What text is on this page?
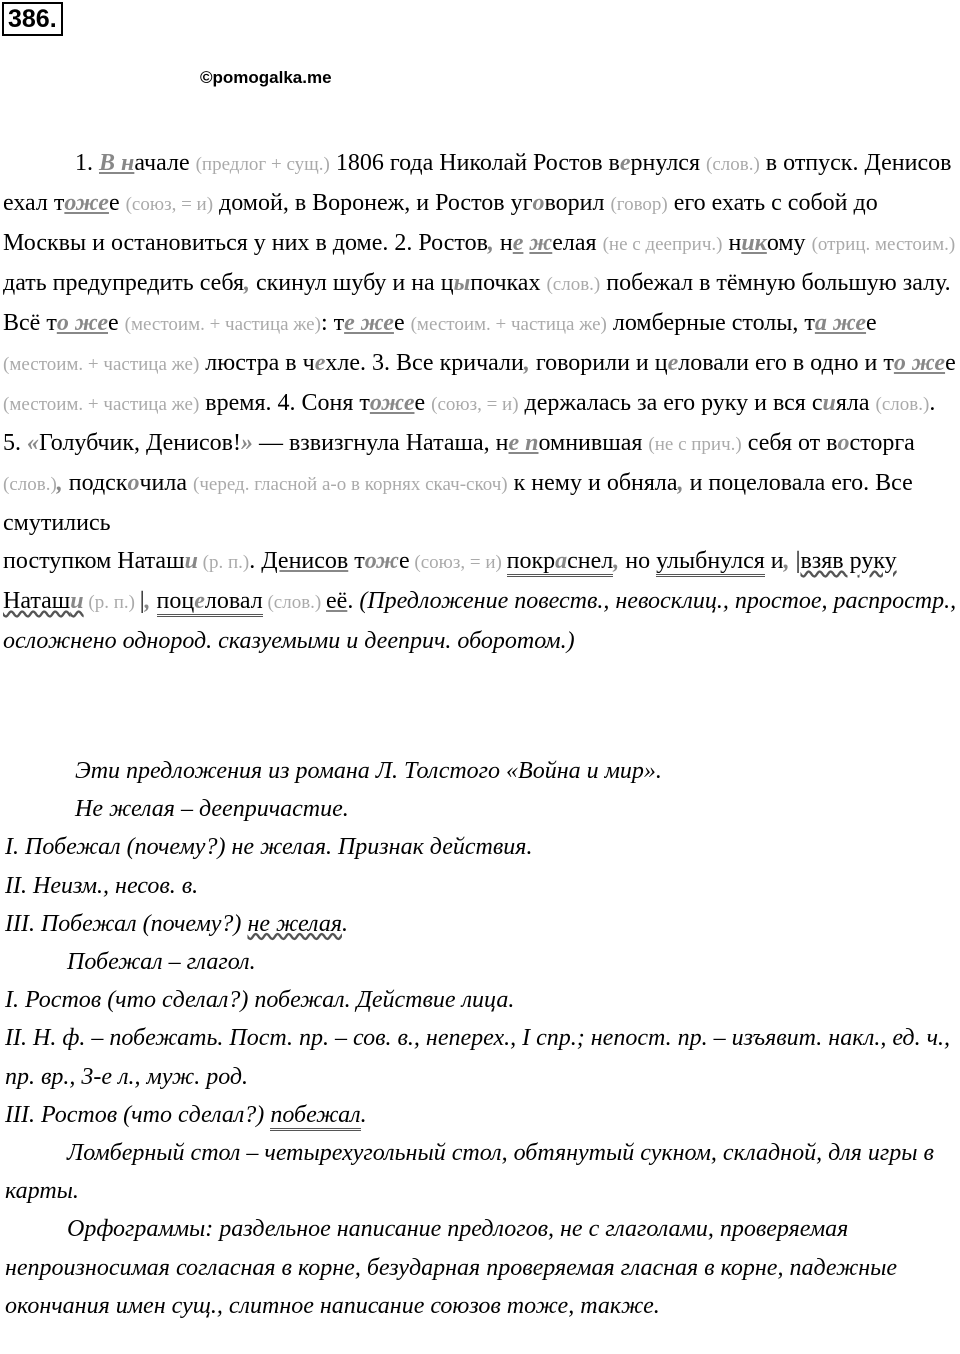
386.
©pomogalka.me

1. В начале (предлог + сущ.) 1806 года Николай Ростов вернулся (слов.) в отпуск. Денисов ехал тожее (союз, = и) домой, в Воронеж, и Ростов уговорил (говор) его ехать с собой до Москвы и остановиться у них в доме. 2. Ростов, не желая (не с дееприч.) никому (отриц. местоим.) дать предупредить себя, скинул шубу и на цыпочках (слов.) побежал в тёмную большую залу. Всё то жее (местоим. + частица же): те жее (местоим. + частица же) ломберные столы, та жее (местоим. + частица же) люстра в чехле. 3. Все кричали, говорили и целовали его в одно и то жее (местоим. + частица же) время. 4. Соня тожее (союз, = и) держалась за его руку и вся сияла (слов.). 5. «Голубчик, Денисов!» — взвизгнула Наташа, не помнившая (не с прич.) себя от восторга (слов.), подскочила (черед. гласной а-о в корнях скач-скоч) к нему и обняла, и поцеловала его. Все смутились

поступком Наташи (р. п.). Денисов тоже (союз, = и) покраснел, но улыбнулся и, |взяв руку Наташи (р. п.) |, поцеловал (слов.) её. (Предложение повеств., невосклиц., простое, распростр., осложнено однород. сказуемыми и дееприч. оборотом.)

Эти предложения из романа Л. Толстого «Война и мир».

Не желая – деепричастие.

I. Побежал (почему?) не желая. Признак действия.

II. Неизм., несов. в.

III. Побежал (почему?) не желая.

Побежал – глагол.

I. Ростов (что сделал?) побежал. Действие лица.

II. Н. ф. – побежать. Пост. пр. – сов. в., неперех., I спр.; непост. пр. – изъявит. накл., ед. ч., пр. вр., 3-е л., муж. род.

III. Ростов (что сделал?) побежал.

Ломберный стол – четырехугольный стол, обтянутый сукном, складной, для игры в карты.

Орфограммы: раздельное написание предлогов, не с глаголами, проверяемая непроизносимая согласная в корне, безударная проверяемая гласная в корне, падежные окончания имен сущ., слитное написание союзов тоже, также.
